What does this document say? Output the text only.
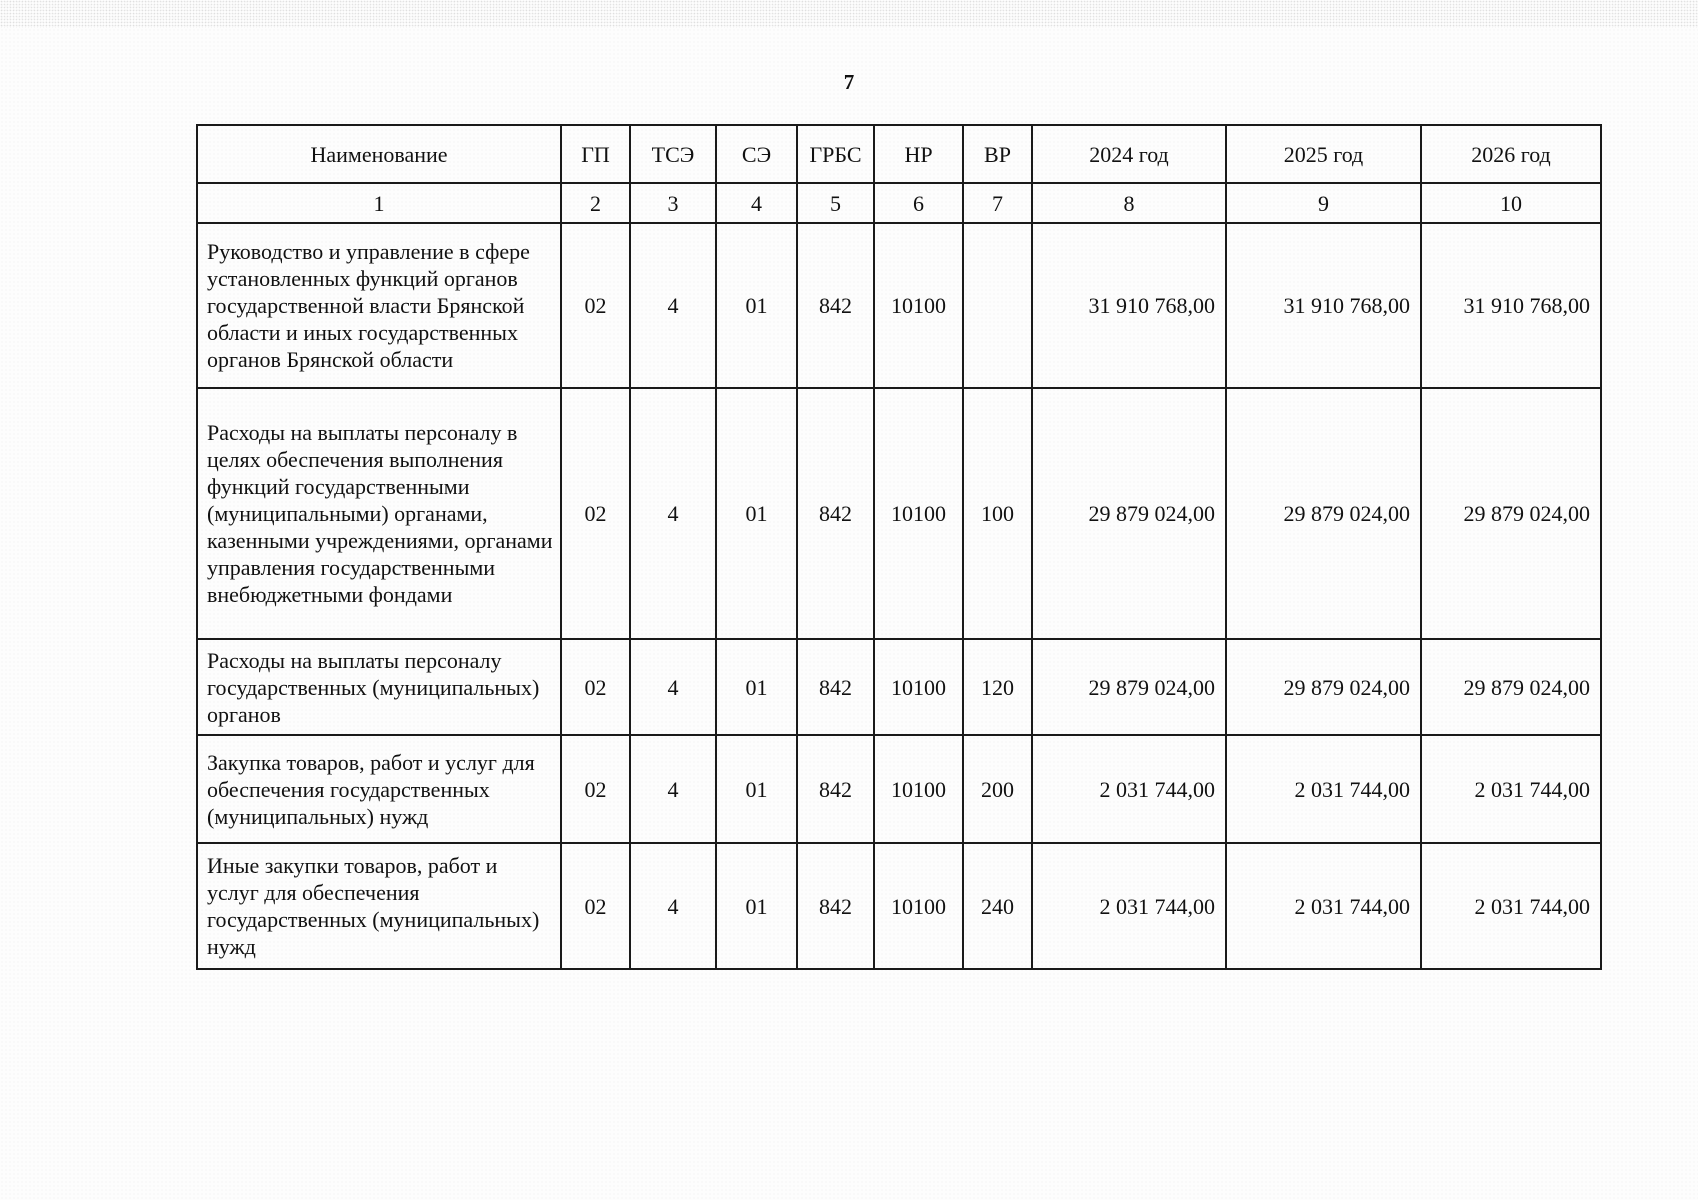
7
Наименование	ГП	ТСЭ	СЭ	ГРБС	НР	ВР	2024 год	2025 год	2026 год
1	2	3	4	5	6	7	8	9	10
Руководство и управление в сфере установленных функций органов государственной власти Брянской области и иных государственных органов Брянской области	02	4	01	842	10100		31 910 768,00	31 910 768,00	31 910 768,00
Расходы на выплаты персоналу в целях обеспечения выполнения функций государственными (муниципальными) органами, казенными учреждениями, органами управления государственными внебюджетными фондами	02	4	01	842	10100	100	29 879 024,00	29 879 024,00	29 879 024,00
Расходы на выплаты персоналу государственных (муниципальных) органов	02	4	01	842	10100	120	29 879 024,00	29 879 024,00	29 879 024,00
Закупка товаров, работ и услуг для обеспечения государственных (муниципальных) нужд	02	4	01	842	10100	200	2 031 744,00	2 031 744,00	2 031 744,00
Иные закупки товаров, работ и услуг для обеспечения государственных (муниципальных) нужд	02	4	01	842	10100	240	2 031 744,00	2 031 744,00	2 031 744,00
